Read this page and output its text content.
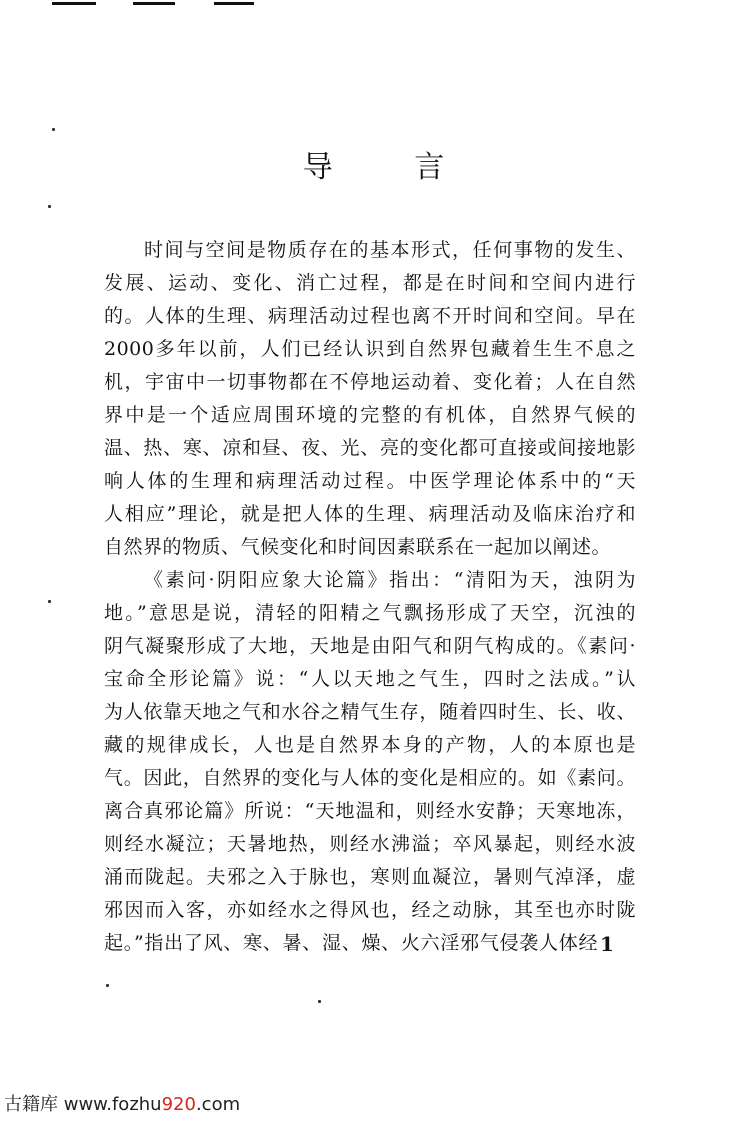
导 言
时间与空间是物质存在的基本形式，任何事物的发生、
发展、运动、变化、消亡过程，都是在时间和空间内进行
的。人体的生理、病理活动过程也离不开时间和空间。早在
2000多年以前，人们已经认识到自然界包藏着生生不息之
机，宇宙中一切事物都在不停地运动着、变化着；人在自然
界中是一个适应周围环境的完整的有机体，自然界气候的
温、热、寒、凉和昼、夜、光、亮的变化都可直接或间接地影
响人体的生理和病理活动过程。中医学理论体系中的“天
人相应”理论，就是把人体的生理、病理活动及临床治疗和
自然界的物质、气候变化和时间因素联系在一起加以阐述。
《素问·阴阳应象大论篇》指出：“清阳为天，浊阴为
地。”意思是说，清轻的阳精之气飘扬形成了天空，沉浊的
阴气凝聚形成了大地，天地是由阳气和阴气构成的。《素问·
宝命全形论篇》说：“人以天地之气生，四时之法成。”认
为人依靠天地之气和水谷之精气生存，随着四时生、长、收、
藏的规律成长，人也是自然界本身的产物，人的本原也是
气。因此，自然界的变化与人体的变化是相应的。如《素问。
离合真邪论篇》所说：“天地温和，则经水安静；天寒地冻，
则经水凝泣；天暑地热，则经水沸溢；卒风暴起，则经水波
涌而陇起。夫邪之入于脉也，寒则血凝泣，暑则气淖泽，虚
邪因而入客，亦如经水之得风也，经之动脉，其至也亦时陇
起。”指出了风、寒、暑、湿、燥、火六淫邪气侵袭人体经 1
古籍库 www.fozhu920.com
